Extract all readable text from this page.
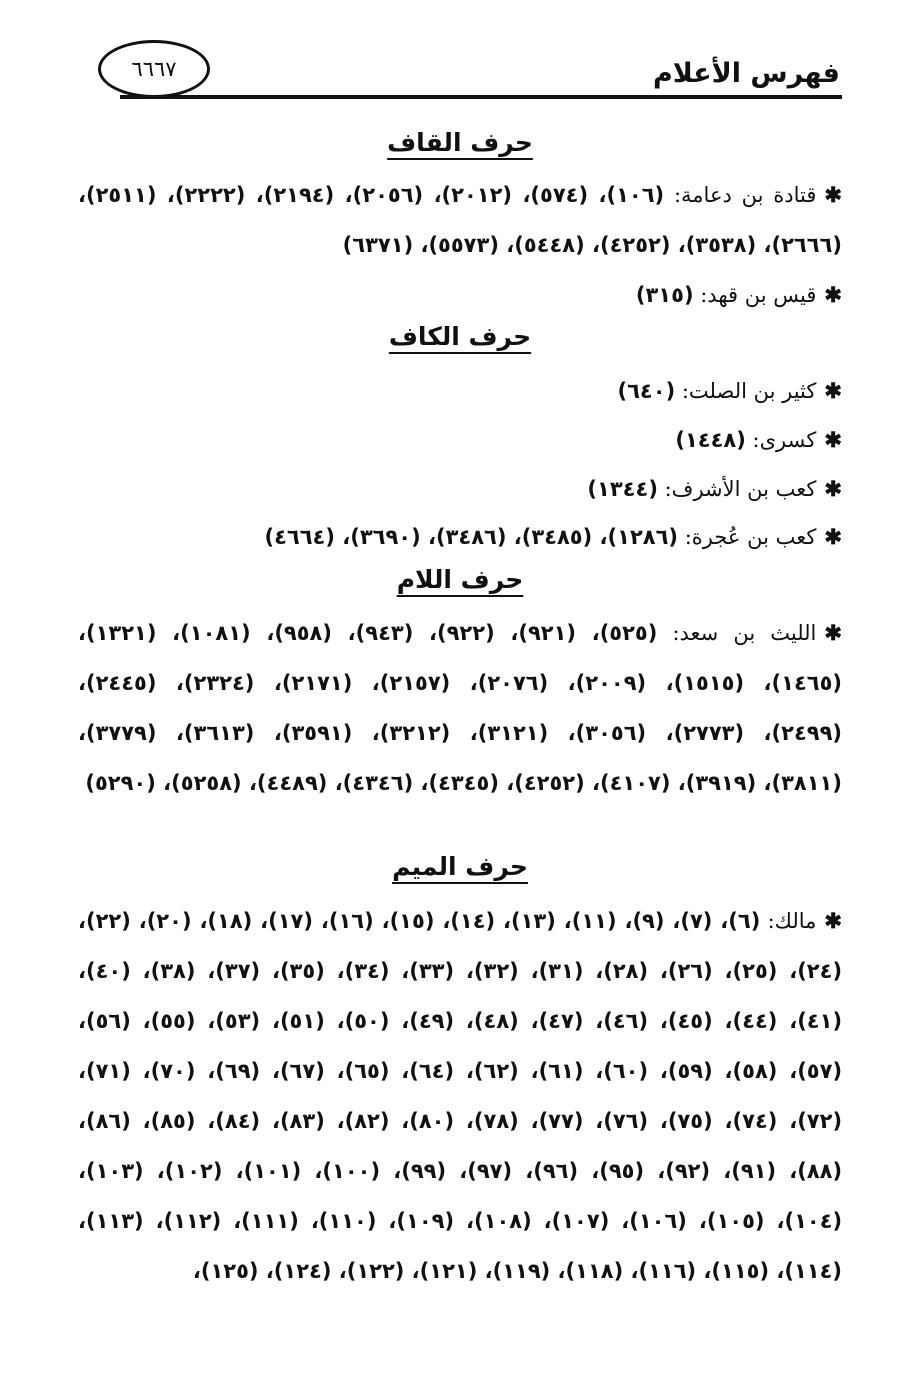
فهرس الأعلام
٦٦٦٧
حرف القاف
✱قتادة بن دعامة: (١٠٦)، (٥٧٤)، (٢٠١٢)، (٢٠٥٦)، (٢١٩٤)، (٢٢٢٢)، (٢٥١١)، (٢٦٦٦)، (٣٥٣٨)، (٤٢٥٢)، (٥٤٤٨)، (٥٥٧٣)، (٦٣٧١)
✱قيس بن قهد: (٣١٥)
حرف الكاف
✱كثير بن الصلت: (٦٤٠)
✱كسرى: (١٤٤٨)
✱كعب بن الأشرف: (١٣٤٤)
✱كعب بن عُجرة: (١٢٨٦)، (٣٤٨٥)، (٣٤٨٦)، (٣٦٩٠)، (٤٦٦٤)
حرف اللام
✱الليث بن سعد: (٥٢٥)، (٩٢١)، (٩٢٢)، (٩٤٣)، (٩٥٨)، (١٠٨١)، (١٣٢١)، (١٤٦٥)، (١٥١٥)، (٢٠٠٩)، (٢٠٧٦)، (٢١٥٧)، (٢١٧١)، (٢٣٢٤)، (٢٤٤٥)، (٢٤٩٩)، (٢٧٧٣)، (٣٠٥٦)، (٣١٢١)، (٣٢١٢)، (٣٥٩١)، (٣٦١٣)، (٣٧٧٩)، (٣٨١١)، (٣٩١٩)، (٤١٠٧)، (٤٢٥٢)، (٤٣٤٥)، (٤٣٤٦)، (٤٤٨٩)، (٥٢٥٨)، (٥٢٩٠)
حرف الميم
✱مالك: (٦)، (٧)، (٩)، (١١)، (١٣)، (١٤)، (١٥)، (١٦)، (١٧)، (١٨)، (٢٠)، (٢٢)، (٢٤)، (٢٥)، (٢٦)، (٢٨)، (٣١)، (٣٢)، (٣٣)، (٣٤)، (٣٥)، (٣٧)، (٣٨)، (٤٠)، (٤١)، (٤٤)، (٤٥)، (٤٦)، (٤٧)، (٤٨)، (٤٩)، (٥٠)، (٥١)، (٥٣)، (٥٥)، (٥٦)، (٥٧)، (٥٨)، (٥٩)، (٦٠)، (٦١)، (٦٢)، (٦٤)، (٦٥)، (٦٧)، (٦٩)، (٧٠)، (٧١)، (٧٢)، (٧٤)، (٧٥)، (٧٦)، (٧٧)، (٧٨)، (٨٠)، (٨٢)، (٨٣)، (٨٤)، (٨٥)، (٨٦)، (٨٨)، (٩١)، (٩٢)، (٩٥)، (٩٦)، (٩٧)، (٩٩)، (١٠٠)، (١٠١)، (١٠٢)، (١٠٣)، (١٠٤)، (١٠٥)، (١٠٦)، (١٠٧)، (١٠٨)، (١٠٩)، (١١٠)، (١١١)، (١١٢)، (١١٣)، (١١٤)، (١١٥)، (١١٦)، (١١٨)، (١١٩)، (١٢١)، (١٢٢)، (١٢٤)، (١٢٥)،
